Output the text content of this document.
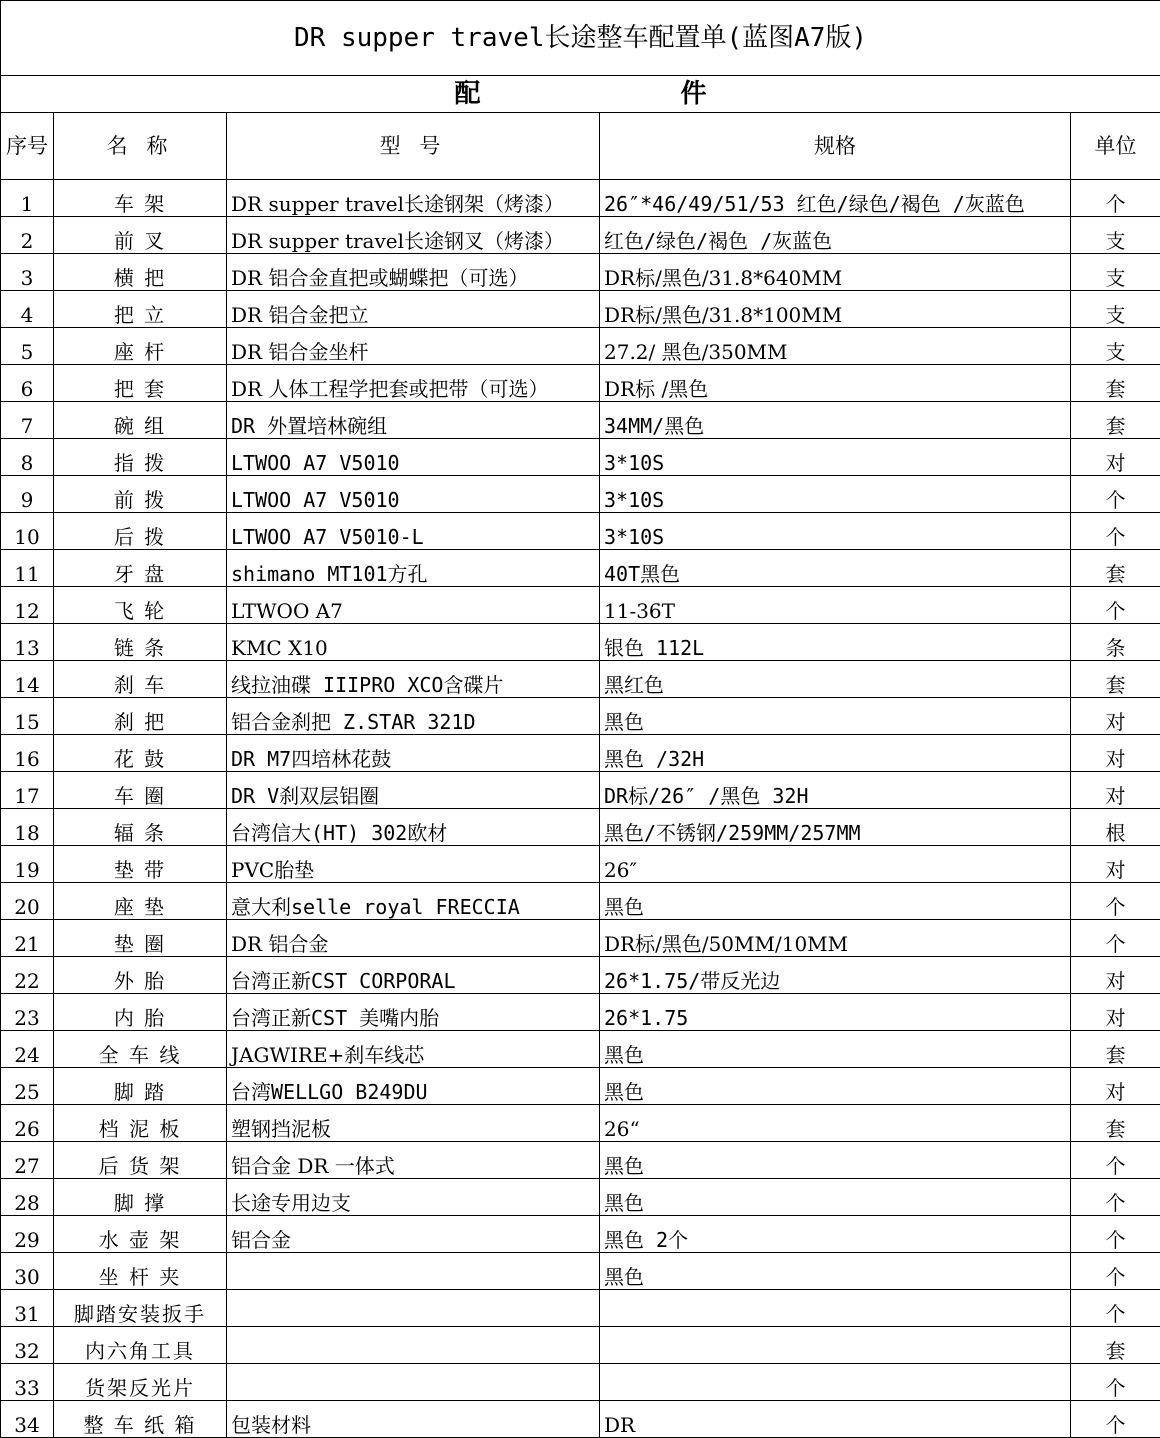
DR supper travel长途整车配置单(蓝图A7版)				
配 件				
序号	名 称	型 号	规格	单位
1	车 架	DR supper travel长途钢架（烤漆）	26″*46/49/51/53 红色/绿色/褐色 /灰蓝色	个
2	前 叉	DR supper travel长途钢叉（烤漆）	红色/绿色/褐色 /灰蓝色	支
3	横 把	DR 铝合金直把或蝴蝶把（可选）	DR标/黑色/31.8*640MM	支
4	把 立	DR 铝合金把立	DR标/黑色/31.8*100MM	支
5	座 杆	DR 铝合金坐杆	27.2/ 黑色/350MM	支
6	把 套	DR 人体工程学把套或把带（可选）	DR标 /黑色	套
7	碗 组	DR 外置培林碗组	34MM/黑色	套
8	指 拨	LTWOO A7 V5010	3*10S	对
9	前 拨	LTWOO A7 V5010	3*10S	个
10	后 拨	LTWOO A7 V5010-L	3*10S	个
11	牙 盘	shimano MT101方孔	40T黑色	套
12	飞 轮	LTWOO A7	11-36T	个
13	链 条	KMC X10	银色 112L	条
14	刹 车	线拉油碟 IIIPRO XCO含碟片	黑红色	套
15	刹 把	铝合金刹把 Z.STAR 321D	黑色	对
16	花 鼓	DR M7四培林花鼓	黑色 /32H	对
17	车 圈	DR V刹双层铝圈	DR标/26″ /黑色 32H	对
18	辐 条	台湾信大(HT) 302欧材	黑色/不锈钢/259MM/257MM	根
19	垫 带	PVC胎垫	26″	对
20	座 垫	意大利selle royal FRECCIA	黑色	个
21	垫 圈	DR 铝合金	DR标/黑色/50MM/10MM	个
22	外 胎	台湾正新CST CORPORAL	26*1.75/带反光边	对
23	内 胎	台湾正新CST 美嘴内胎	26*1.75	对
24	全 车 线	JAGWIRE+刹车线芯	黑色	套
25	脚 踏	台湾WELLGO B249DU	黑色	对
26	档 泥 板	塑钢挡泥板	26“	套
27	后 货 架	铝合金 DR 一体式	黑色	个
28	脚 撑	长途专用边支	黑色	个
29	水 壶 架	铝合金	黑色 2个	个
30	坐 杆 夹		黑色	个
31	脚踏安装扳手			个
32	内六角工具			套
33	货架反光片			个
34	整 车 纸 箱	包装材料	DR	个
